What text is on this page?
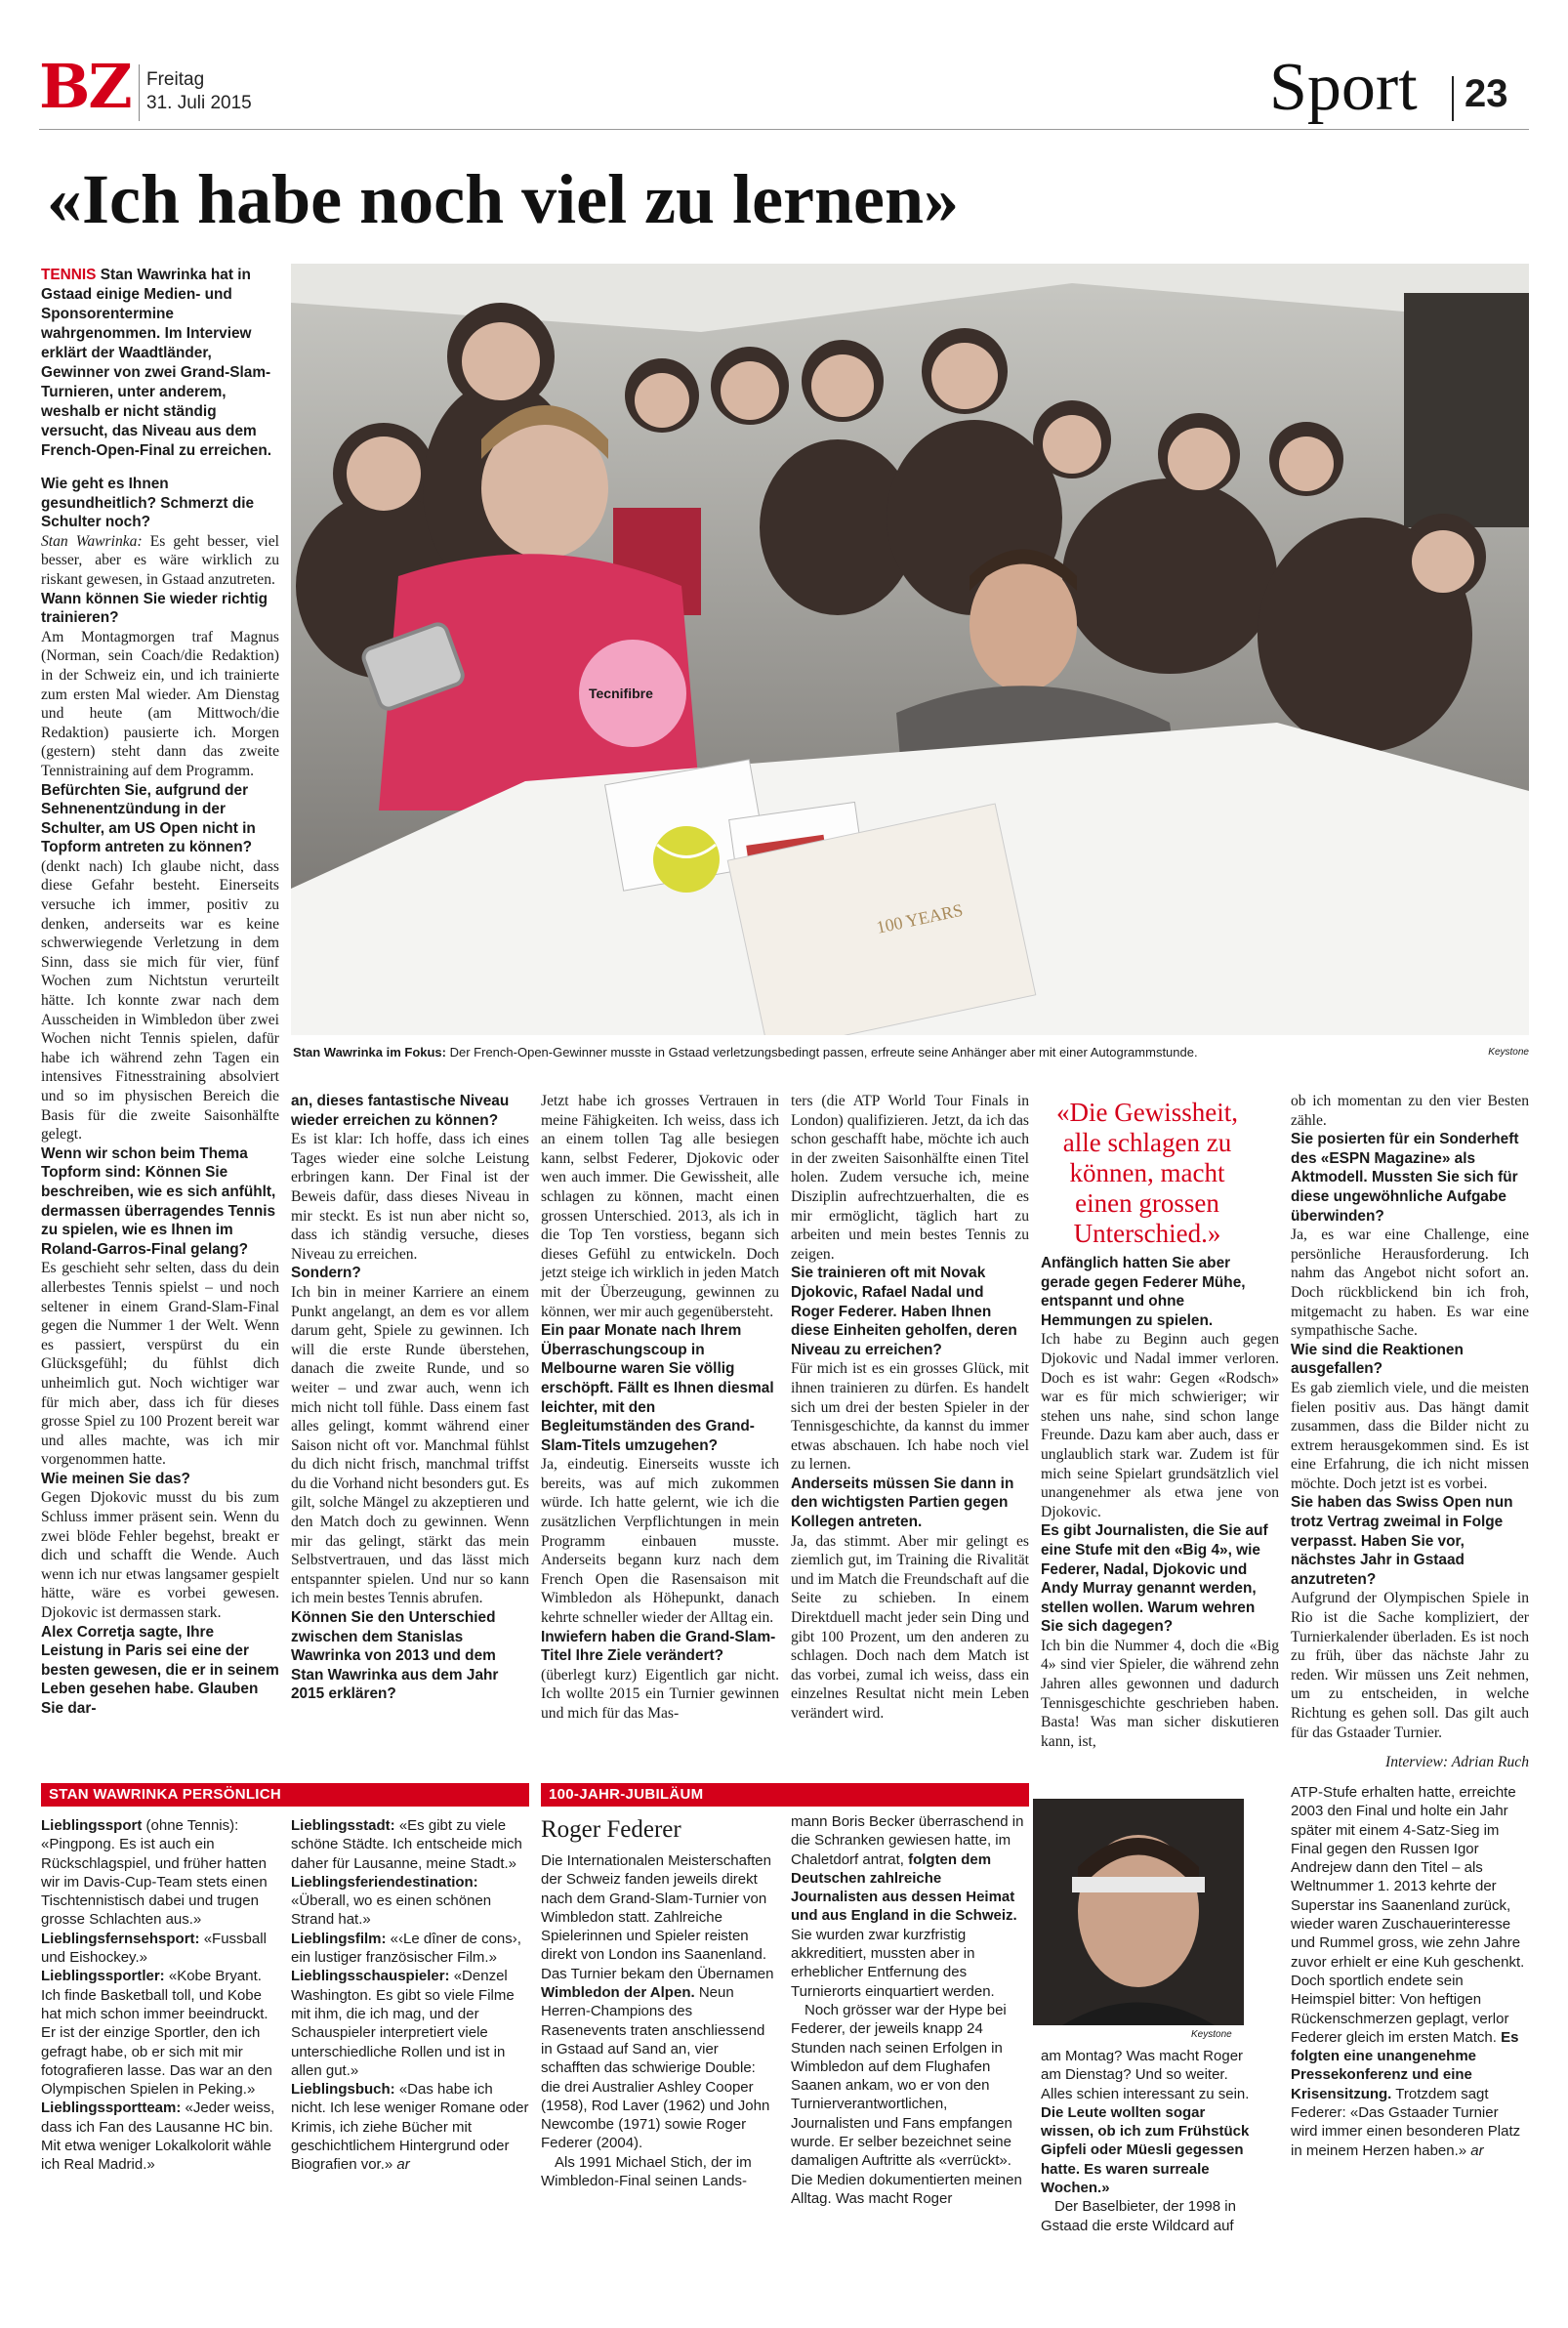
BZ Freitag
31. Juli 2015	Sport 23
«Ich habe noch viel zu lernen»
TENNIS Stan Wawrinka hat in Gstaad einige Medien- und Sponsorentermine wahrgenommen. Im Interview erklärt der Waadtländer, Gewinner von zwei Grand-Slam-Turnieren, unter anderem, weshalb er nicht ständig versucht, das Niveau aus dem French-Open-Final zu erreichen.
100 YEARS
Tecnifibre
Stan Wawrinka im Fokus: Der French-Open-Gewinner musste in Gstaad verletzungsbedingt passen, erfreute seine Anhänger aber mit einer Autogrammstunde.	Keystone

Wie geht es Ihnen gesundheitlich? Schmerzt die Schulter noch?

Stan Wawrinka: Es geht besser, viel besser, aber es wäre wirklich zu riskant gewesen, in Gstaad anzutreten.

Wann können Sie wieder richtig trainieren?

Am Montagmorgen traf Magnus (Norman, sein Coach/die Redaktion) in der Schweiz ein, und ich trainierte zum ersten Mal wieder. Am Dienstag und heute (am Mittwoch/die Redaktion) pausierte ich. Morgen (gestern) steht dann das zweite Tennistraining auf dem Programm.

Befürchten Sie, aufgrund der Sehnenentzündung in der Schulter, am US Open nicht in Topform antreten zu können?

(denkt nach) Ich glaube nicht, dass diese Gefahr besteht. Einerseits versuche ich immer, positiv zu denken, anderseits war es keine schwerwiegende Verletzung in dem Sinn, dass sie mich für vier, fünf Wochen zum Nichtstun verurteilt hätte. Ich konnte zwar nach dem Ausscheiden in Wimbledon über zwei Wochen nicht Tennis spielen, dafür habe ich während zehn Tagen ein intensives Fitnesstraining absolviert und so im physischen Bereich die Basis für die zweite Saisonhälfte gelegt.

Wenn wir schon beim Thema Topform sind: Können Sie beschreiben, wie es sich anfühlt, dermassen überragendes Tennis zu spielen, wie es Ihnen im Roland-Garros-Final gelang?

Es geschieht sehr selten, dass du dein allerbestes Tennis spielst – und noch seltener in einem Grand-Slam-Final gegen die Nummer 1 der Welt. Wenn es passiert, verspürst du ein Glücksgefühl; du fühlst dich unheimlich gut. Noch wichtiger war für mich aber, dass ich für dieses grosse Spiel zu 100 Prozent bereit war und alles machte, was ich mir vorgenommen hatte.

Wie meinen Sie das?

Gegen Djokovic musst du bis zum Schluss immer präsent sein. Wenn du zwei blöde Fehler begehst, breakt er dich und schafft die Wende. Auch wenn ich nur etwas langsamer gespielt hätte, wäre es vorbei gewesen. Djokovic ist dermassen stark.

Alex Corretja sagte, Ihre Leistung in Paris sei eine der besten gewesen, die er in seinem Leben gesehen habe. Glauben Sie dar-

an, dieses fantastische Niveau wieder erreichen zu können?

Es ist klar: Ich hoffe, dass ich eines Tages wieder eine solche Leistung erbringen kann. Der Final ist der Beweis dafür, dass dieses Niveau in mir steckt. Es ist nun aber nicht so, dass ich ständig versuche, dieses Niveau zu erreichen.

Sondern?

Ich bin in meiner Karriere an einem Punkt angelangt, an dem es vor allem darum geht, Spiele zu gewinnen. Ich will die erste Runde überstehen, danach die zweite Runde, und so weiter – und zwar auch, wenn ich mich nicht toll fühle. Dass einem fast alles gelingt, kommt während einer Saison nicht oft vor. Manchmal fühlst du dich nicht frisch, manchmal triffst du die Vorhand nicht besonders gut. Es gilt, solche Mängel zu akzeptieren und den Match doch zu gewinnen. Wenn mir das gelingt, stärkt das mein Selbstvertrauen, und das lässt mich entspannter spielen. Und nur so kann ich mein bestes Tennis abrufen.

Können Sie den Unterschied zwischen dem Stanislas Wawrinka von 2013 und dem Stan Wawrinka aus dem Jahr 2015 erklären?

Jetzt habe ich grosses Vertrauen in meine Fähigkeiten. Ich weiss, dass ich an einem tollen Tag alle besiegen kann, selbst Federer, Djokovic oder wen auch immer. Die Gewissheit, alle schlagen zu können, macht einen grossen Unterschied. 2013, als ich in die Top Ten vorstiess, begann sich dieses Gefühl zu entwickeln. Doch jetzt steige ich wirklich in jeden Match mit der Überzeugung, gewinnen zu können, wer mir auch gegenübersteht.

Ein paar Monate nach Ihrem Überraschungscoup in Melbourne waren Sie völlig erschöpft. Fällt es Ihnen diesmal leichter, mit den Begleitumständen des Grand-Slam-Titels umzugehen?

Ja, eindeutig. Einerseits wusste ich bereits, was auf mich zukommen würde. Ich hatte gelernt, wie ich die zusätzlichen Verpflichtungen in mein Programm einbauen musste. Anderseits begann kurz nach dem French Open die Rasensaison mit Wimbledon als Höhepunkt, danach kehrte schneller wieder der Alltag ein.

Inwiefern haben die Grand-Slam-Titel Ihre Ziele verändert?

(überlegt kurz) Eigentlich gar nicht. Ich wollte 2015 ein Turnier gewinnen und mich für das Mas-

ters (die ATP World Tour Finals in London) qualifizieren. Jetzt, da ich das schon geschafft habe, möchte ich auch in der zweiten Saisonhälfte einen Titel holen. Zudem versuche ich, meine Disziplin aufrechtzuerhalten, die es mir ermöglicht, täglich hart zu arbeiten und mein bestes Tennis zu zeigen.

Sie trainieren oft mit Novak Djokovic, Rafael Nadal und Roger Federer. Haben Ihnen diese Einheiten geholfen, deren Niveau zu erreichen?

Für mich ist es ein grosses Glück, mit ihnen trainieren zu dürfen. Es handelt sich um drei der besten Spieler in der Tennisgeschichte, da kannst du immer etwas abschauen. Ich habe noch viel zu lernen.

Anderseits müssen Sie dann in den wichtigsten Partien gegen Kollegen antreten.

Ja, das stimmt. Aber mir gelingt es ziemlich gut, im Training die Rivalität und im Match die Freundschaft auf die Seite zu schieben. In einem Direktduell macht jeder sein Ding und gibt 100 Prozent, um den anderen zu schlagen. Doch nach dem Match ist das vorbei, zumal ich weiss, dass ein einzelnes Resultat nicht mein Leben verändert wird.

«Die Gewissheit, alle schlagen zu können, macht einen grossen Unterschied.»

Anfänglich hatten Sie aber gerade gegen Federer Mühe, entspannt und ohne Hemmungen zu spielen.

Ich habe zu Beginn auch gegen Djokovic und Nadal immer verloren. Doch es ist wahr: Gegen «Rodsch» war es für mich schwieriger; wir stehen uns nahe, sind schon lange Freunde. Dazu kam aber auch, dass er unglaublich stark war. Zudem ist für mich seine Spielart grundsätzlich viel unangenehmer als etwa jene von Djokovic.

Es gibt Journalisten, die Sie auf eine Stufe mit den «Big 4», wie Federer, Nadal, Djokovic und Andy Murray genannt werden, stellen wollen. Warum wehren Sie sich dagegen?

Ich bin die Nummer 4, doch die «Big 4» sind vier Spieler, die während zehn Jahren alles gewonnen und dadurch Tennisgeschichte geschrieben haben. Basta! Was man sicher diskutieren kann, ist,

ob ich momentan zu den vier Besten zähle.

Sie posierten für ein Sonderheft des «ESPN Magazine» als Aktmodell. Mussten Sie sich für diese ungewöhnliche Aufgabe überwinden?

Ja, es war eine Challenge, eine persönliche Herausforderung. Ich nahm das Angebot nicht sofort an. Doch rückblickend bin ich froh, mitgemacht zu haben. Es war eine sympathische Sache.

Wie sind die Reaktionen ausgefallen?

Es gab ziemlich viele, und die meisten fielen positiv aus. Das hängt damit zusammen, dass die Bilder nicht zu extrem herausgekommen sind. Es ist eine Erfahrung, die ich nicht missen möchte. Doch jetzt ist es vorbei.

Sie haben das Swiss Open nun trotz Vertrag zweimal in Folge verpasst. Haben Sie vor, nächstes Jahr in Gstaad anzutreten?

Aufgrund der Olympischen Spiele in Rio ist die Sache kompliziert, der Turnierkalender überladen. Es ist noch zu früh, über das nächste Jahr zu reden. Wir müssen uns Zeit nehmen, um zu entscheiden, in welche Richtung es gehen soll. Das gilt auch für das Gstaader Turnier.

Interview: Adrian Ruch
STAN WAWRINKA PERSÖNLICH

Lieblingssport (ohne Tennis): «Pingpong. Es ist auch ein Rückschlagspiel, und früher hatten wir im Davis-Cup-Team stets einen Tischtennistisch dabei und trugen grosse Schlachten aus.»

Lieblingsfernsehsport: «Fussball und Eishockey.»

Lieblingssportler: «Kobe Bryant. Ich finde Basketball toll, und Kobe hat mich schon immer beeindruckt. Er ist der einzige Sportler, den ich gefragt habe, ob er sich mit mir fotografieren lasse. Das war an den Olympischen Spielen in Peking.»

Lieblingssportteam: «Jeder weiss, dass ich Fan des Lausanne HC bin. Mit etwa weniger Lokalkolorit wähle ich Real Madrid.»

Lieblingsstadt: «Es gibt zu viele schöne Städte. Ich entscheide mich daher für Lausanne, meine Stadt.»

Lieblingsferiendestination: «Überall, wo es einen schönen Strand hat.»

Lieblingsfilm: «‹Le dîner de cons›, ein lustiger französischer Film.»

Lieblingsschauspieler: «Denzel Washington. Es gibt so viele Filme mit ihm, die ich mag, und der Schauspieler interpretiert viele unterschiedliche Rollen und ist in allen gut.»

Lieblingsbuch: «Das habe ich nicht. Ich lese weniger Romane oder Krimis, ich ziehe Bücher mit geschichtlichem Hintergrund oder Biografien vor.» ar

100-JAHR-JUBILÄUM
Roger Federer

Die Internationalen Meisterschaften der Schweiz fanden jeweils direkt nach dem Grand-Slam-Turnier von Wimbledon statt. Zahlreiche Spielerinnen und Spieler reisten direkt von London ins Saanenland. Das Turnier bekam den Übernamen Wimbledon der Alpen. Neun Herren-Champions des Rasenevents traten anschliessend in Gstaad auf Sand an, vier schafften das schwierige Double: die drei Australier Ashley Cooper (1958), Rod Laver (1962) und John Newcombe (1971) sowie Roger Federer (2004).

Als 1991 Michael Stich, der im Wimbledon-Final seinen Lands-

mann Boris Becker überraschend in die Schranken gewiesen hatte, im Chaletdorf antrat, folgten dem Deutschen zahlreiche Journalisten aus dessen Heimat und aus England in die Schweiz. Sie wurden zwar kurzfristig akkreditiert, mussten aber in erheblicher Entfernung des Turnierorts einquartiert werden.

Noch grösser war der Hype bei Federer, der jeweils knapp 24 Stunden nach seinen Erfolgen in Wimbledon auf dem Flughafen Saanen ankam, wo er von den Turnierverantwortlichen, Journalisten und Fans empfangen wurde. Er selber bezeichnet seine damaligen Auftritte als «verrückt». Die Medien dokumentierten meinen Alltag. Was macht Roger

Keystone

am Montag? Was macht Roger am Dienstag? Und so weiter. Alles schien interessant zu sein. Die Leute wollten sogar wissen, ob ich zum Frühstück Gipfeli oder Müesli gegessen hatte. Es waren surreale Wochen.»

Der Baselbieter, der 1998 in Gstaad die erste Wildcard auf

ATP-Stufe erhalten hatte, erreichte 2003 den Final und holte ein Jahr später mit einem 4-Satz-Sieg im Final gegen den Russen Igor Andrejew dann den Titel – als Weltnummer 1. 2013 kehrte der Superstar ins Saanenland zurück, wieder waren Zuschauerinteresse und Rummel gross, wie zehn Jahre zuvor erhielt er eine Kuh geschenkt. Doch sportlich endete sein Heimspiel bitter: Von heftigen Rückenschmerzen geplagt, verlor Federer gleich im ersten Match. Es folgten eine unangenehme Pressekonferenz und eine Krisensitzung. Trotzdem sagt Federer: «Das Gstaader Turnier wird immer einen besonderen Platz in meinem Herzen haben.» ar
